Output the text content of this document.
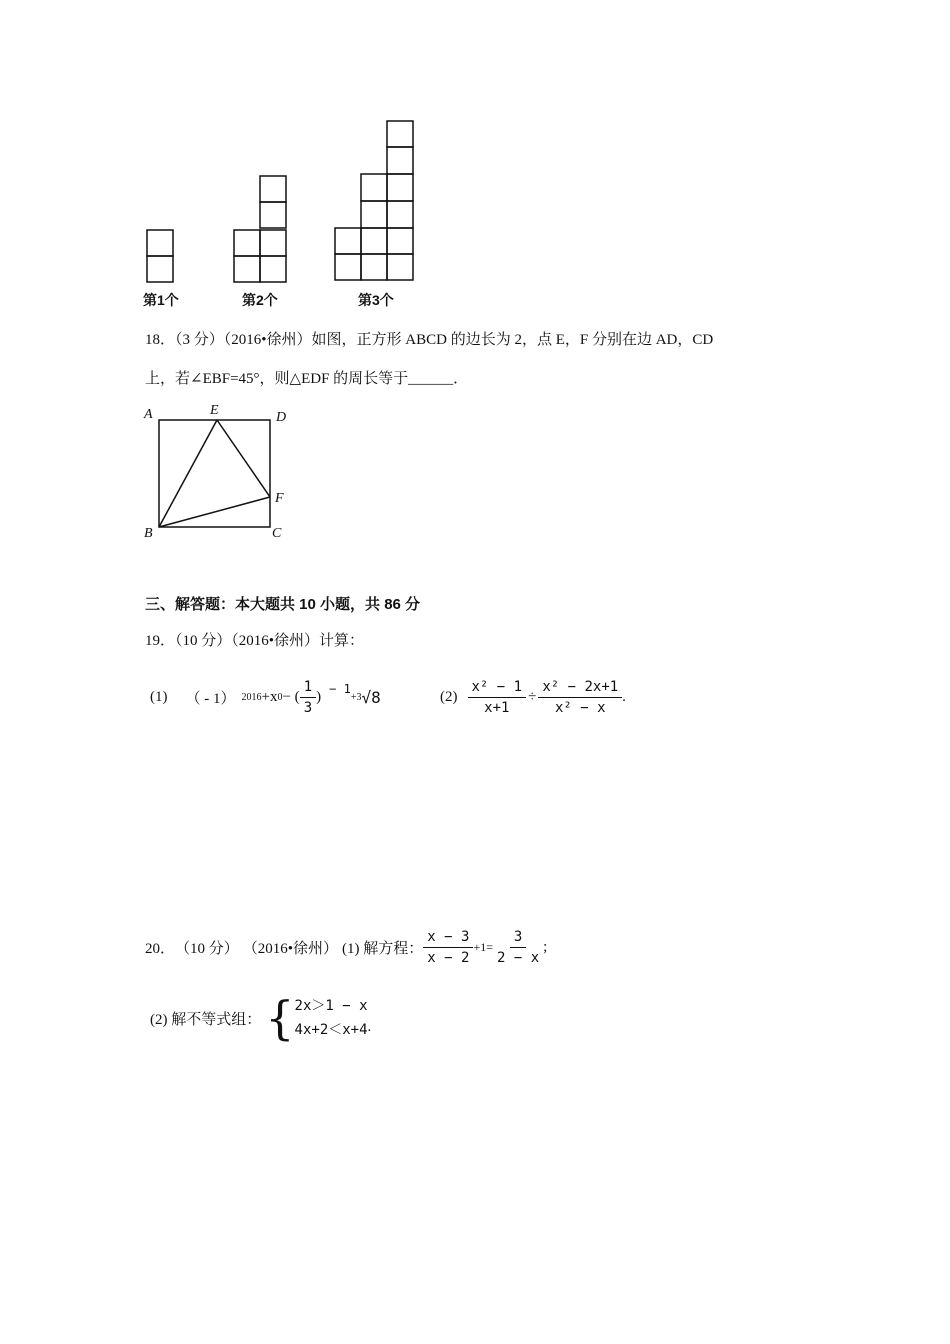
第1个	第2个	第3个
18．（3 分）（2016•徐州）如图，正方形 ABCD 的边长为 2，点 E，F 分别在边 AD，CD
上，若∠EBF=45°，则△EDF 的周长等于______．
A	E	D
F
B	C
三、解答题：本大题共 10 小题，共 86 分
19．（10 分）（2016•徐州）计算：
(1) （ - 1） 2016 +x 0 − ( $\frac{1}{3}$ ) − 1
+3 √8	$(2) \frac{\text{x² − 1}}{x+1} \div \frac{\text{x² − 2x+1}}{\text{x² − x}}$ .
20． （10 分） （2016•徐州） (1) 解方程： $\frac{x - 3}{x - 2} +1= \frac{3}{2 - x}$ ;
(2) 解不等式组： { 2x＞1 − x
4x+2＜x+4 .
